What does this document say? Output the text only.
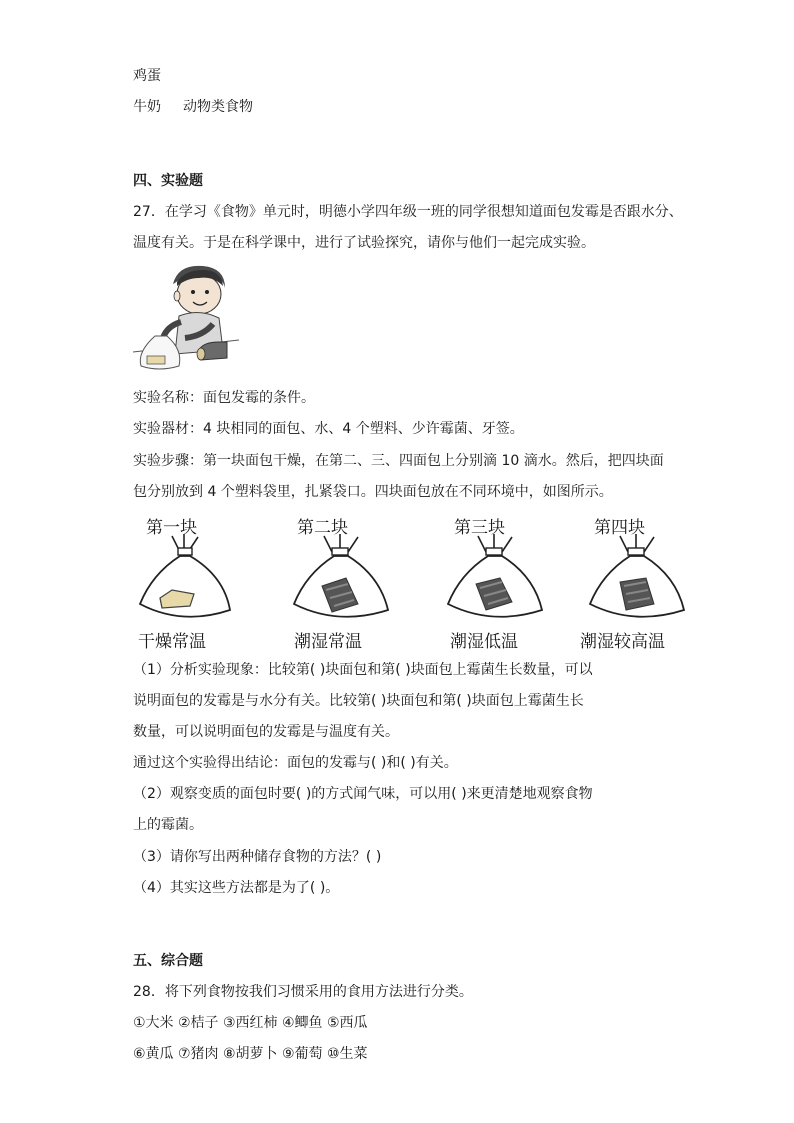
鸡蛋
牛奶 动物类食物
四、实验题
27．在学习《食物》单元时，明德小学四年级一班的同学很想知道面包发霉是否跟水分、
温度有关。于是在科学课中，进行了试验探究，请你与他们一起完成实验。
实验名称：面包发霉的条件。
实验器材：4 块相同的面包、水、4 个塑料、少许霉菌、牙签。
实验步骤：第一块面包干燥，在第二、三、四面包上分别滴 10 滴水。然后，把四块面
包分别放到 4 个塑料袋里，扎紧袋口。四块面包放在不同环境中，如图所示。
第一块	第二块	第三块	第四块
干燥常温	潮湿常温	潮湿低温	潮湿较高温
（1）分析实验现象：比较第( )块面包和第( )块面包上霉菌生长数量，可以
说明面包的发霉是与水分有关。比较第( )块面包和第( )块面包上霉菌生长
数量，可以说明面包的发霉是与温度有关。
通过这个实验得出结论：面包的发霉与( )和( )有关。
（2）观察变质的面包时要( )的方式闻气味，可以用( )来更清楚地观察食物
上的霉菌。
（3）请你写出两种储存食物的方法？( )
（4）其实这些方法都是为了( )。
五、综合题
28．将下列食物按我们习惯采用的食用方法进行分类。
①大米 ②桔子 ③西红柿 ④鲫鱼 ⑤西瓜
⑥黄瓜 ⑦猪肉 ⑧胡萝卜 ⑨葡萄 ⑩生菜
